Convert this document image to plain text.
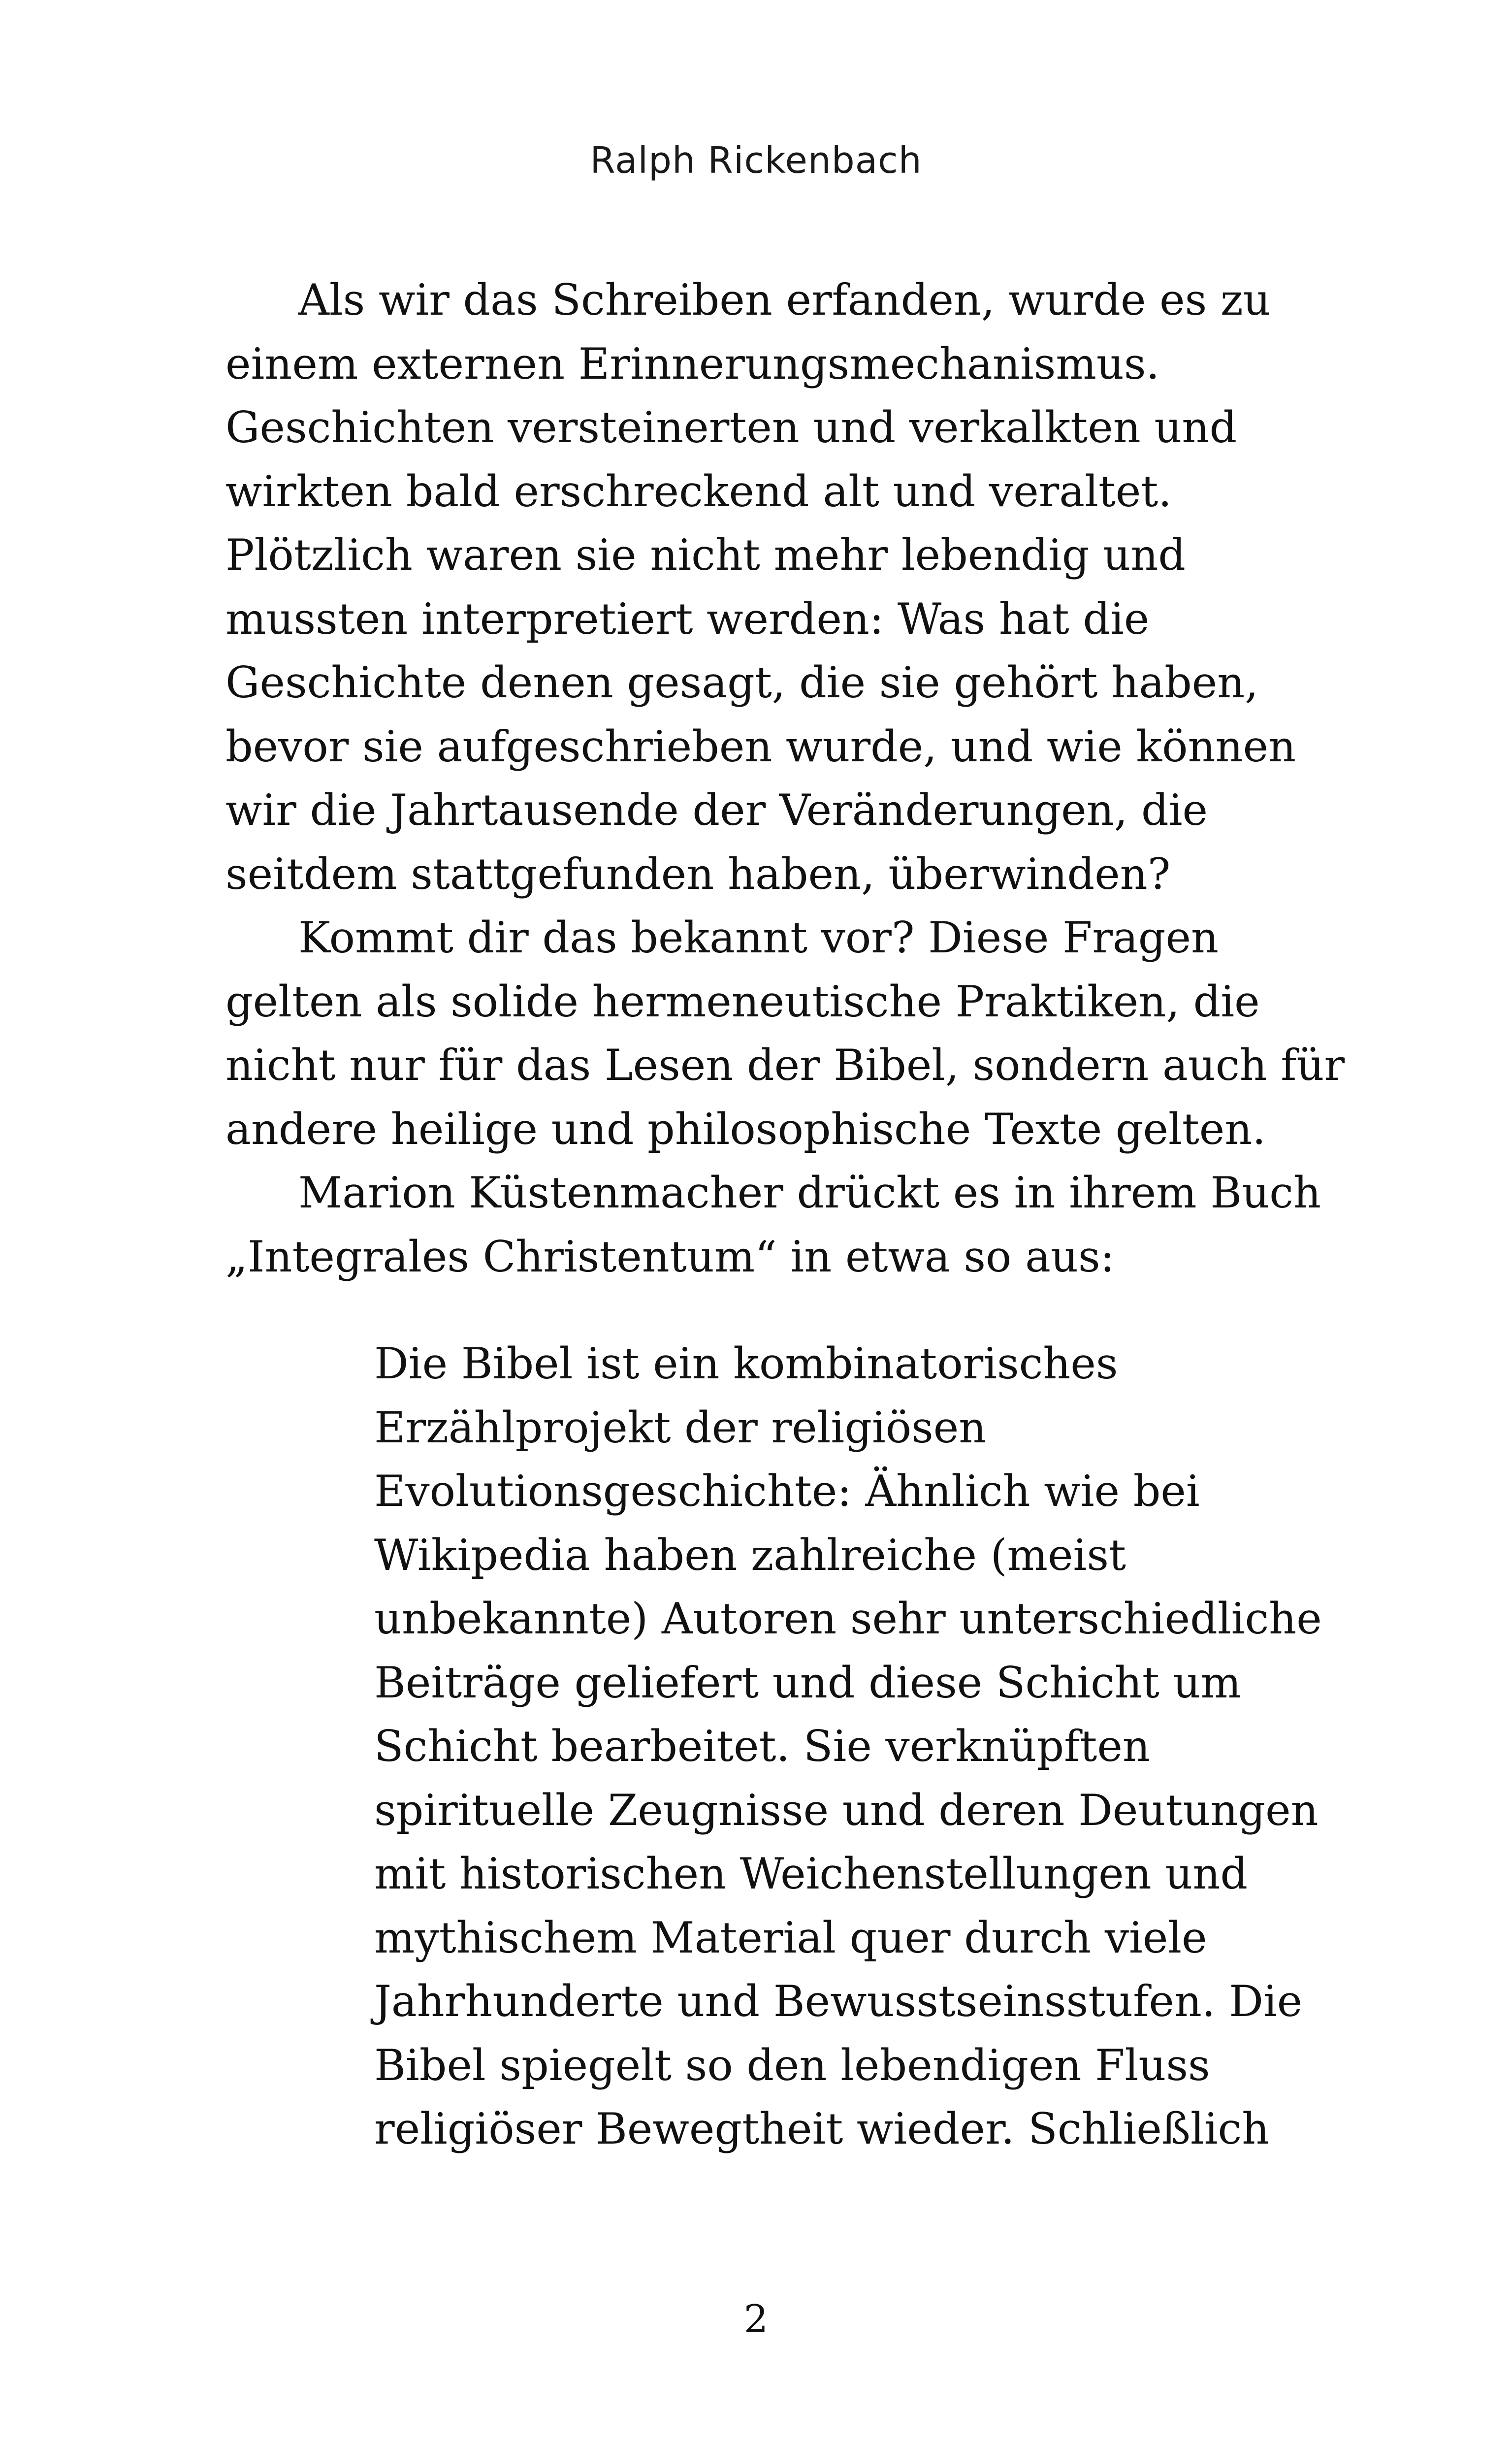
Ralph Rickenbach
Als wir das Schreiben erfanden, wurde es zu
einem externen Erinnerungsmechanismus.
Geschichten versteinerten und verkalkten und
wirkten bald erschreckend alt und veraltet.
Plötzlich waren sie nicht mehr lebendig und
mussten interpretiert werden: Was hat die
Geschichte denen gesagt, die sie gehört haben,
bevor sie aufgeschrieben wurde, und wie können
wir die Jahrtausende der Veränderungen, die
seitdem stattgefunden haben, überwinden?
Kommt dir das bekannt vor? Diese Fragen
gelten als solide hermeneutische Praktiken, die
nicht nur für das Lesen der Bibel, sondern auch für
andere heilige und philosophische Texte gelten.
Marion Küstenmacher drückt es in ihrem Buch
„Integrales Christentum“ in etwa so aus:
Die Bibel ist ein kombinatorisches
Erzählprojekt der religiösen
Evolutionsgeschichte: Ähnlich wie bei
Wikipedia haben zahlreiche (meist
unbekannte) Autoren sehr unterschiedliche
Beiträge geliefert und diese Schicht um
Schicht bearbeitet. Sie verknüpften
spirituelle Zeugnisse und deren Deutungen
mit historischen Weichenstellungen und
mythischem Material quer durch viele
Jahrhunderte und Bewusstseinsstufen. Die
Bibel spiegelt so den lebendigen Fluss
religiöser Bewegtheit wieder. Schließlich
2
